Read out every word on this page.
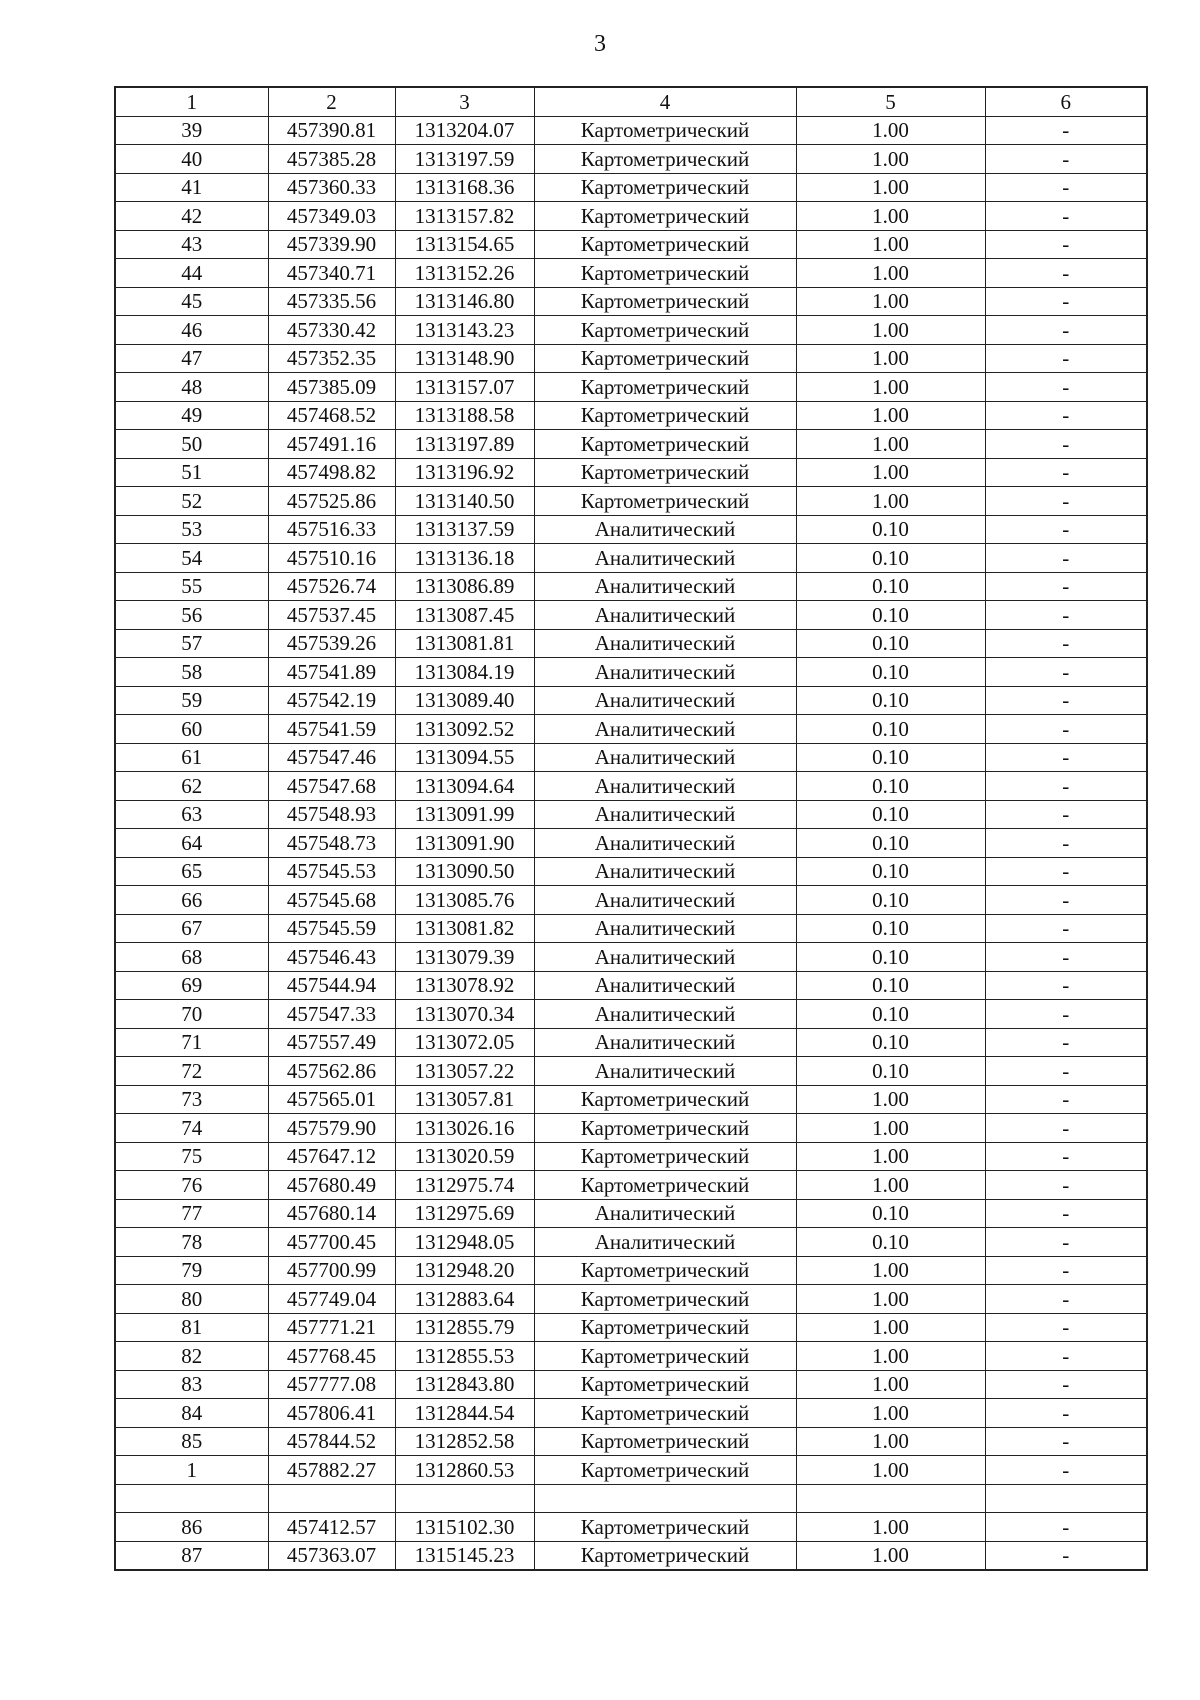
3
1	2	3	4	5	6
39	457390.81	1313204.07	Картометрический	1.00	-
40	457385.28	1313197.59	Картометрический	1.00	-
41	457360.33	1313168.36	Картометрический	1.00	-
42	457349.03	1313157.82	Картометрический	1.00	-
43	457339.90	1313154.65	Картометрический	1.00	-
44	457340.71	1313152.26	Картометрический	1.00	-
45	457335.56	1313146.80	Картометрический	1.00	-
46	457330.42	1313143.23	Картометрический	1.00	-
47	457352.35	1313148.90	Картометрический	1.00	-
48	457385.09	1313157.07	Картометрический	1.00	-
49	457468.52	1313188.58	Картометрический	1.00	-
50	457491.16	1313197.89	Картометрический	1.00	-
51	457498.82	1313196.92	Картометрический	1.00	-
52	457525.86	1313140.50	Картометрический	1.00	-
53	457516.33	1313137.59	Аналитический	0.10	-
54	457510.16	1313136.18	Аналитический	0.10	-
55	457526.74	1313086.89	Аналитический	0.10	-
56	457537.45	1313087.45	Аналитический	0.10	-
57	457539.26	1313081.81	Аналитический	0.10	-
58	457541.89	1313084.19	Аналитический	0.10	-
59	457542.19	1313089.40	Аналитический	0.10	-
60	457541.59	1313092.52	Аналитический	0.10	-
61	457547.46	1313094.55	Аналитический	0.10	-
62	457547.68	1313094.64	Аналитический	0.10	-
63	457548.93	1313091.99	Аналитический	0.10	-
64	457548.73	1313091.90	Аналитический	0.10	-
65	457545.53	1313090.50	Аналитический	0.10	-
66	457545.68	1313085.76	Аналитический	0.10	-
67	457545.59	1313081.82	Аналитический	0.10	-
68	457546.43	1313079.39	Аналитический	0.10	-
69	457544.94	1313078.92	Аналитический	0.10	-
70	457547.33	1313070.34	Аналитический	0.10	-
71	457557.49	1313072.05	Аналитический	0.10	-
72	457562.86	1313057.22	Аналитический	0.10	-
73	457565.01	1313057.81	Картометрический	1.00	-
74	457579.90	1313026.16	Картометрический	1.00	-
75	457647.12	1313020.59	Картометрический	1.00	-
76	457680.49	1312975.74	Картометрический	1.00	-
77	457680.14	1312975.69	Аналитический	0.10	-
78	457700.45	1312948.05	Аналитический	0.10	-
79	457700.99	1312948.20	Картометрический	1.00	-
80	457749.04	1312883.64	Картометрический	1.00	-
81	457771.21	1312855.79	Картометрический	1.00	-
82	457768.45	1312855.53	Картометрический	1.00	-
83	457777.08	1312843.80	Картометрический	1.00	-
84	457806.41	1312844.54	Картометрический	1.00	-
85	457844.52	1312852.58	Картометрический	1.00	-
1	457882.27	1312860.53	Картометрический	1.00	-

86	457412.57	1315102.30	Картометрический	1.00	-
87	457363.07	1315145.23	Картометрический	1.00	-
